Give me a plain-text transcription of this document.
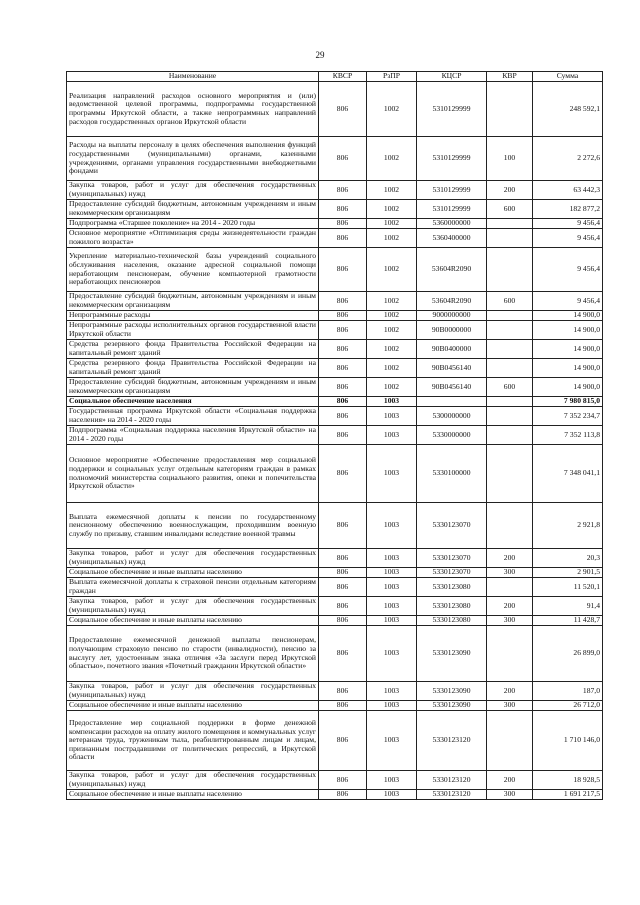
29
Наименование	КВСР	РзПР	КЦСР	КВР	Сумма
Реализация направлений расходов основного мероприятия и (или) ведомственной целевой программы, подпрограммы государственной программы Иркутской области, а также непрограммных направлений расходов государственных органов Иркутской области	806	1002	5310129999		248 592,1
Расходы на выплаты персоналу в целях обеспечения выполнения функций государственными (муниципальными) органами, казенными учреждениями, органами управления государственными внебюджетными фондами	806	1002	5310129999	100	2 272,6
Закупка товаров, работ и услуг для обеспечения государственных (муниципальных) нужд	806	1002	5310129999	200	63 442,3
Предоставление субсидий бюджетным, автономным учреждениям и иным некоммерческим организациям	806	1002	5310129999	600	182 877,2
Подпрограмма «Старшее поколение» на 2014 - 2020 годы	806	1002	5360000000		9 456,4
Основное мероприятие «Оптимизация среды жизнедеятельности граждан пожилого возраста»	806	1002	5360400000		9 456,4
Укрепление материально-технической базы учреждений социального обслуживания населения, оказание адресной социальной помощи неработающим пенсионерам, обучение компьютерной грамотности неработающих пенсионеров	806	1002	53604R2090		9 456,4
Предоставление субсидий бюджетным, автономным учреждениям и иным некоммерческим организациям	806	1002	53604R2090	600	9 456,4
Непрограммные расходы	806	1002	9000000000		14 900,0
Непрограммные расходы исполнительных органов государственной власти Иркутской области	806	1002	90B0000000		14 900,0
Средства резервного фонда Правительства Российской Федерации на капитальный ремонт зданий	806	1002	90B0400000		14 900,0
Средства резервного фонда Правительства Российской Федерации на капитальный ремонт зданий	806	1002	90B0456140		14 900,0
Предоставление субсидий бюджетным, автономным учреждениям и иным некоммерческим организациям	806	1002	90B0456140	600	14 900,0
Социальное обеспечение населения	806	1003			7 980 815,0
Государственная программа Иркутской области «Социальная поддержка населения» на 2014 - 2020 годы	806	1003	5300000000		7 352 234,7
Подпрограмма «Социальная поддержка населения Иркутской области» на 2014 - 2020 годы	806	1003	5330000000		7 352 113,8
Основное мероприятие «Обеспечение предоставления мер социальной поддержки и социальных услуг отдельным категориям граждан в рамках полномочий министерства социального развития, опеки и попечительства Иркутской области»	806	1003	5330100000		7 348 041,1
Выплата ежемесячной доплаты к пенсии по государственному пенсионному обеспечению военнослужащим, проходившим военную службу по призыву, ставшим инвалидами вследствие военной травмы	806	1003	5330123070		2 921,8
Закупка товаров, работ и услуг для обеспечения государственных (муниципальных) нужд	806	1003	5330123070	200	20,3
Социальное обеспечение и иные выплаты населению	806	1003	5330123070	300	2 901,5
Выплата ежемесячной доплаты к страховой пенсии отдельным категориям граждан	806	1003	5330123080		11 520,1
Закупка товаров, работ и услуг для обеспечения государственных (муниципальных) нужд	806	1003	5330123080	200	91,4
Социальное обеспечение и иные выплаты населению	806	1003	5330123080	300	11 428,7
Предоставление ежемесячной денежной выплаты пенсионерам, получающим страховую пенсию по старости (инвалидности), пенсию за выслугу лет, удостоенным знака отличия «За заслуги перед Иркутской областью», почетного звания «Почетный гражданин Иркутской области»	806	1003	5330123090		26 899,0
Закупка товаров, работ и услуг для обеспечения государственных (муниципальных) нужд	806	1003	5330123090	200	187,0
Социальное обеспечение и иные выплаты населению	806	1003	5330123090	300	26 712,0
Предоставление мер социальной поддержки в форме денежной компенсации расходов на оплату жилого помещения и коммунальных услуг ветеранам труда, труженикам тыла, реабилитированным лицам и лицам, признанным пострадавшими от политических репрессий, в Иркутской области	806	1003	5330123120		1 710 146,0
Закупка товаров, работ и услуг для обеспечения государственных (муниципальных) нужд	806	1003	5330123120	200	18 928,5
Социальное обеспечение и иные выплаты населению	806	1003	5330123120	300	1 691 217,5
